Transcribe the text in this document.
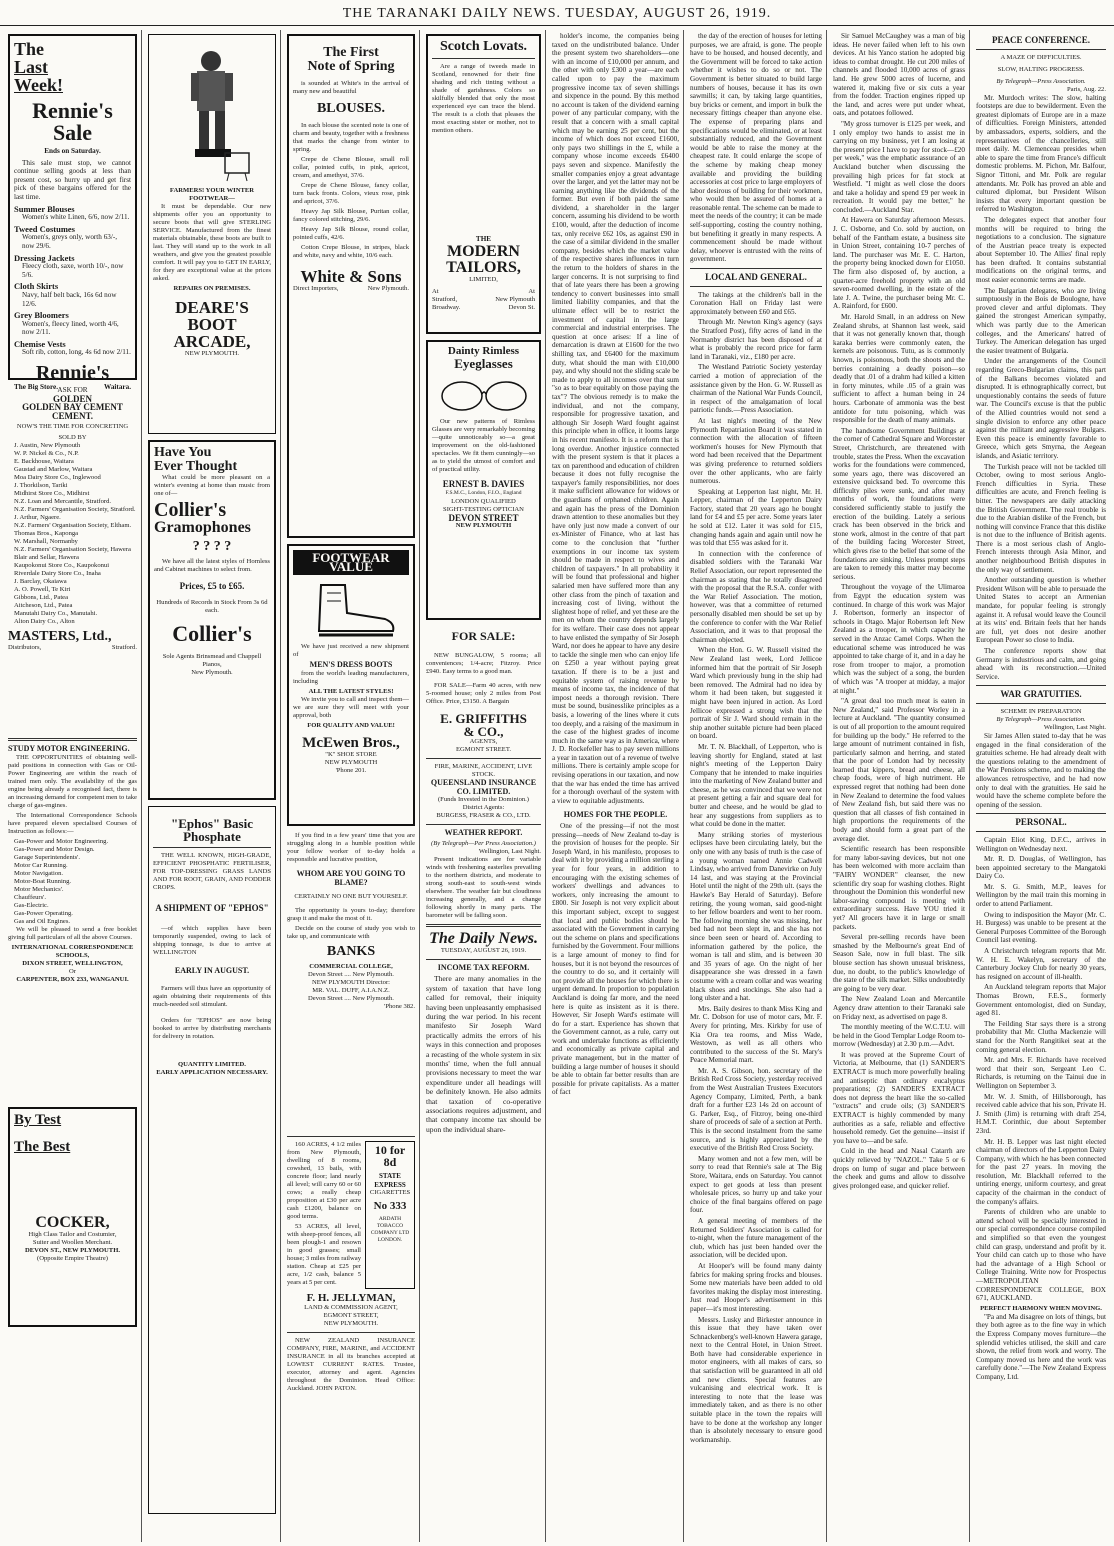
THE TARANAKI DAILY NEWS. TUESDAY, AUGUST 26, 1919.
The
Last
Week!
Rennie's
Sale
Ends on Saturday.

This sale must stop, we cannot continue selling goods at less than present cost, so hurry up and get first pick of these bargains offered for the last time.

Summer Blouses
Women's white Linen, 6/6, now 2/11.
Tweed Costumes
Women's, greys only, worth 63/-, now 29/6.
Dressing Jackets
Fleecy cloth, saxe, worth 10/-, now 5/6.
Cloth Skirts
Navy, half belt back, 16s 6d now 12/6.
Grey Bloomers
Women's, fleecy lined, worth 4/6, now 2/11.
Chemise Vests
Soft rib, cotton, long, 4s 6d now 2/11.
Rennie's
The Big Store.	Waitara.
ASK FOR
GOLDEN
GOLDEN BAY CEMENT
CEMENT.
NOW'S THE TIME FOR CONCRETING
SOLD BY
J. Austin, New Plymouth
W. P. Nickel & Co., N.P.
E. Backhouse, Waitara
Gaustad and Marlow, Waitara
Moa Dairy Store Co., Inglewood
J. Thorkilson, Tariki
Midhirst Store Co., Midhirst
N.Z. Loan and Mercantile, Stratford.
N.Z. Farmers' Organisation Society, Stratford.
J. Arthur, Ngaere.
N.Z. Farmers' Organisation Society, Eltham.
Thomas Bros., Kaponga
W. Marshall, Normanby
N.Z. Farmers' Organisation Society, Hawera
Blair and Sellar, Hawera
Kaupokonui Store Co., Kaupokonui
Riverdale Dairy Store Co., Inaha
J. Barclay, Okaiawa
A. O. Powell, Te Kiri
Gibbons, Ltd., Patea
Aitcheson, Ltd., Patea
Manutahi Dairy Co., Manutahi.
Alton Dairy Co., Alton
MASTERS, Ltd.,
Distributors,	Stratford.
STUDY MOTOR ENGINEERING.

THE OPPORTUNITIES of obtaining well-paid positions in connection with Gas or Oil-Power Engineering are within the reach of trained men only. The availability of the gas engine being already a recognised fact, there is an increasing demand for competent men to take charge of gas-engines.

The International Correspondence Schools have prepared eleven specialised Courses of Instruction as follows:—

Gas-Power and Motor Engineering.
Gas-Power and Motor Design.
Garage Superintendents'.
Motor Car Running.
Motor Navigation.
Motor-Boat Running.
Motor Mechanics'.
Chauffeurs'.
Gas-Electric.
Gas-Power Operating.
Gas and Oil Engines.

We will be pleased to send a free booklet giving full particulars of all the above Courses.

INTERNATIONAL CORRESPONDENCE SCHOOLS,
DIXON STREET, WELLINGTON,
Or
CARPENTER, BOX 233, WANGANUI.
By Test
The Best
COCKER,
High Class Tailor and Costumier,
Suiter and Woollen Merchant.
DEVON ST., NEW PLYMOUTH.
(Opposite Empire Theatre)
FARMERS! YOUR WINTER FOOTWEAR—

It must be dependable. Our new shipments offer you an opportunity to secure boots that will give STERLING SERVICE. Manufactured from the finest materials obtainable, these boots are built to last. They will stand up to the work in all weathers, and give you the greatest possible comfort. It will pay you to GET IN EARLY, for they are exceptional value at the prices asked.

REPAIRS ON PREMISES.
DEARE'S
BOOT
ARCADE,
NEW PLYMOUTH.
Have You
Ever Thought

What could be more pleasant on a winter's evening at home than music from one of—

Collier's
Gramophones
? ? ? ?

We have all the latest styles of Hornless and Cabinet machines to select from.

Prices, £5 to £65.
Hundreds of Records in Stock From 3s 6d each.
Collier's
Sole Agents Brinsmead and Chappell Pianos,
New Plymouth.
"Ephos" Basic
Phosphate

THE WELL KNOWN, HIGH-GRADE, EFFICIENT PHOSPHATIC FERTILISER, FOR TOP-DRESSING GRASS LANDS AND FOR ROOT, GRAIN, AND FODDER CROPS.

A SHIPMENT OF "EPHOS"

—of which supplies have been temporarily suspended, owing to lack of shipping tonnage, is due to arrive at WELLINGTON

EARLY IN AUGUST.

Farmers will thus have an opportunity of again obtaining their requirements of this much-needed soil stimulant.

Orders for "EPHOS" are now being booked to arrive by distributing merchants for delivery in rotation.

QUANTITY LIMITED.
EARLY APPLICATION NECESSARY.
The First
Note of Spring

is sounded at White's in the arrival of many new and beautiful

BLOUSES.

In each blouse the scented note is one of charm and beauty, together with a freshness that marks the change from winter to spring.

Crepe de Chene Blouse, small roll collar, pointed cuffs, in pink, apricot, cream, and amethyst, 37/6.

Crepe de Chene Blouse, fancy collar, turn back fronts. Colors, vieux rose, pink and apricot, 37/6.

Heavy Jap Silk Blouse, Puritan collar, fancy colored stitching, 29/6.

Heavy Jap Silk Blouse, round collar, pointed cuffs, 42/6.

Cotton Crepe Blouse, in stripes, black and white, navy and white, 10/6 each.

White & Sons
Direct Importers,	New Plymouth.
FOOTWEAR VALUE

We have just received a new shipment of

MEN'S DRESS BOOTS

from the world's leading manufacturers, including

ALL THE LATEST STYLES!

We invite you to call and inspect them—we are sure they will meet with your approval, both

FOR QUALITY AND VALUE!
McEwen Bros.,
"K" SHOE STORE
NEW PLYMOUTH
'Phone 201.

If you find in a few years' time that you are struggling along in a humble position while your fellow worker of to-day holds a responsible and lucrative position,

WHOM ARE YOU GOING TO BLAME?
CERTAINLY NO ONE BUT YOURSELF.

The opportunity is yours to-day; therefore grasp it and make the most of it.

Decide on the course of study you wish to take up, and communicate with

BANKS
COMMERCIAL COLLEGE,
Devon Street .... New Plymouth.
NEW PLYMOUTH Director:
MR. VAL. DUFF, A.I.A.N.Z.
Devon Street .... New Plymouth.
'Phone 382.

160 ACRES, 4 1/2 miles from New Plymouth, dwelling of 8 rooms, cowshed, 13 bails, with concrete floor; land nearly all level; will carry 60 or 60 cows; a really cheap proposition at £30 per acre cash £1200, balance on good terms.

53 ACRES, all level, with sheep-proof fences, all been plough-1 and resown in good grasses; small house; 3 miles from railway station. Cheap at £25 per acre, 1/2 cash, balance 5 years at 5 per cent.

10 for 8d
STATE EXPRESS
CIGARETTES
No 333
ARDATH TOBACCO COMPANY LTD LONDON.
F. H. JELLYMAN,
LAND & COMMISSION AGENT,
EGMONT STREET,
NEW PLYMOUTH.

NEW ZEALAND INSURANCE COMPANY, FIRE, MARINE, and ACCIDENT INSURANCE in all its branches accepted at LOWEST CURRENT RATES. Trustee, executor, attorney and agent. Agencies throughout the Dominion. Head Office: Auckland. JOHN PATON.

Scotch Lovats.

Are a range of tweeds made in Scotland, renowned for their fine shading and rich tinting without a shade of garishness. Colors so skilfully blended that only the most experienced eye can trace the blend. The result is a cloth that pleases the most exacting sister or mother, not to mention others.

THE
MODERN
TAILORS,
LIMITED,
At	At
Stratford,	New Plymouth
Broadway.	Devon St.
Dainty Rimless
Eyeglasses

Our new patterns of Rimless Glasses are very remarkably becoming—quite unnoticeably so—a great improvement on the old-fashioned spectacles. We fit them cunningly—so as to yield the utmost of comfort and of practical utility.

ERNEST B. DAVIES
F.S.M.C., London, F.I.O., England
LONDON QUALIFIED
SIGHT-TESTING OPTICIAN
DEVON STREET
NEW PLYMOUTH
FOR SALE:

NEW BUNGALOW, 5 rooms; all conveniences; 1/4-acre; Fitzroy. Price £940. Easy terms to a good man.

FOR SALE—Farm 40 acres, with new 5-roomed house; only 2 miles from Post Office. Price, £3150. A Bargain

E. GRIFFITHS
& CO.,
AGENTS,
EGMONT STREET.
FIRE, MARINE, ACCIDENT, LIVE STOCK.
QUEENSLAND INSURANCE CO. LIMITED.
(Funds Invested in the Dominion.)
District Agents:
BURGESS, FRASER & CO., LTD.
WEATHER REPORT.
(By Telegraph—Per Press Association.)
Wellington, Last Night.

Present indications are for variable winds with freshening easterlies prevailing to the northern districts, and moderate to strong south-east to south-west winds elsewhere. The weather fair but cloudiness increasing generally, and a change following shortly in many parts. The barometer will be falling soon.

The Daily News.
TUESDAY, AUGUST 26, 1919.
INCOME TAX REFORM.

There are many anomalies in the system of taxation that have long called for removal, their iniquity having been unpleasantly emphasised during the war period. In his recent manifesto Sir Joseph Ward practically admits the errors of his ways in this connection and proposes a recasting of the whole system in six months' time, when the full annual provisions necessary to meet the war expenditure under all headings will be definitely known. He also admits that taxation of co-operative associations requires adjustment, and that company income tax should be upon the individual share-

holder's income, the companies being taxed on the undistributed balance. Under the present system two shareholders—one with an income of £10,000 per annum, and the other with only £300 a year—are each called upon to pay the maximum progressive income tax of seven shillings and sixpence in the pound. By this method no account is taken of the dividend earning power of any particular company, with the result that a concern with a small capital which may be earning 25 per cent, but the income of which does not exceed £1600, only pays two shillings in the £, while a company whose income exceeds £6400 pays seven and sixpence. Manifestly the smaller companies enjoy a great advantage over the larger, and yet the latter may not be earning anything like the dividends of the former. But even if both paid the same dividend, a shareholder in the larger concern, assuming his dividend to be worth £100, would, after the deduction of income tax, only receive £62 10s, as against £90 in the case of a similar dividend in the smaller company, besides which the market value of the respective shares influences in turn the return to the holders of shares in the larger concerns. It is not surprising to find that of late years there has been a growing tendency to convert businesses into small limited liability companies, and that the ultimate effect will be to restrict the investment of capital in the large commercial and industrial enterprises. The question at once arises: If a line of demarcation is drawn at £1600 for the two shilling tax, and £6400 for the maximum duty, what should the man with £10,000 pay, and why should not the sliding scale be made to apply to all incomes over that sum "so as to bear equitably on those paying the tax"? The obvious remedy is to make the individual, and not the company, responsible for progressive taxation, and although Sir Joseph Ward fought against this principle when in office, it looms large in his recent manifesto. It is a reform that is long overdue. Another injustice connected with the present system is that it places a tax on parenthood and education of children because it does not fully recognise the taxpayer's family responsibilities, nor does it make sufficient allowance for widows or the guardians of orphaned children. Again and again has the press of the Dominion drawn attention to these anomalies but they have only just now made a convert of our ex-Minister of Finance, who at last has come to the conclusion that "further exemptions in our income tax system should be made in respect to wives and children of taxpayers." In all probability it will be found that professional and higher salaried men have suffered more than any other class from the pinch of taxation and increasing cost of living, without the slightest hope of relief, and yet these are the men on whom the country depends largely for its welfare. Their case does not appear to have enlisted the sympathy of Sir Joseph Ward, nor does he appear to have any desire to tackle the single men who can enjoy life on £250 a year without paying great taxation. If there is to be a just and equitable system of raising revenue by means of income tax, the incidence of that impost needs a thorough revision. There must be sound, businesslike principles as a basis, a lowering of the lines where it cuts too deeply, and a raising of the maximum in the case of the highest grades of income much in the same way as in America, where J. D. Rockefeller has to pay seven millions a year in taxation out of a revenue of twelve millions. There is certainly ample scope for revising operations in our taxation, and now that the war has ended the time has arrived for a thorough overhaul of the system with a view to equitable adjustments.

HOMES FOR THE PEOPLE.

One of the pressing—if not the most pressing—needs of New Zealand to-day is the provision of houses for the people. Sir Joseph Ward, in his manifesto, proposes to deal with it by providing a million sterling a year for four years, in addition to encouraging with the existing schemes of workers' dwellings and advances to workers, only increasing the amount to £800. Sir Joseph is not very explicit about this important subject, except to suggest that local and public bodies should be associated with the Government in carrying out the scheme on plans and specifications furnished by the Government. Four millions is a large amount of money to find for houses, but it is not beyond the resources of the country to do so, and it certainly will not provide all the houses for which there is urgent demand. In proportion to population Auckland is doing far more, and the need here is quite as insistent as it is there. However, Sir Joseph Ward's estimate will do for a start. Experience has shown that the Government cannot, as a rule, carry out work and undertake functions as efficiently and economically as private capital and private management, but in the matter of building a large number of houses it should be able to obtain far better results than are possible for private capitalists. As a matter of fact

the day of the erection of houses for letting purposes, we are afraid, is gone. The people have to be housed, and housed decently, and the Government will be forced to take action whether it wishes to do so or not. The Government is better situated to build large numbers of houses, because it has its own sawmills; it can, by taking large quantities, buy bricks or cement, and import in bulk the necessary fittings cheaper than anyone else. The expense of preparing plans and specifications would be eliminated, or at least substantially reduced, and the Government would be able to raise the money at the cheapest rate. It could enlarge the scope of the scheme by making cheap money available and providing the building accessories at cost price to large employers of labor desirous of building for their workmen, who would then be assured of homes at a reasonable rental. The scheme can be made to meet the needs of the country; it can be made self-supporting, costing the country nothing, but benefiting it greatly in many respects. A commencement should be made without delay, whoever is entrusted with the reins of government.

LOCAL AND GENERAL.

The takings at the children's ball in the Coronation Hall on Friday last were approximately between £60 and £65.

Through Mr. Newton King's agency (says the Stratford Post), fifty acres of land in the Normanby district has been disposed of at what is probably the record price for farm land in Taranaki, viz., £180 per acre.

The Westland Patriotic Society yesterday carried a motion of appreciation of the assistance given by the Hon. G. W. Russell as chairman of the National War Funds Council, in respect of the amalgamation of local patriotic funds.—Press Association.

At last night's meeting of the New Plymouth Repatriation Board it was stated in connection with the allocation of fifteen workmen's houses for New Plymouth that word had been received that the Department was giving preference to returned soldiers over the other applicants, who are fairly numerous.

Speaking at Lepperton last night, Mr. H. Lepper, chairman of the Lepperton Dairy Factory, stated that 20 years ago he bought land for £4 and £5 per acre. Some years later he sold at £12. Later it was sold for £15, changing hands again and again until now he was told that £55 was asked for it.

In connection with the conference of disabled soldiers with the Taranaki War Relief Association, our report represented the chairman as stating that he totally disagreed with the proposal that the R.S.A. confer with the War Relief Association. The motion, however, was that a committee of returned personally disabled men should be set up by the conference to confer with the War Relief Association, and it was to that proposal the chairman objected.

When the Hon. G. W. Russell visited the New Zealand last week, Lord Jellicoe informed him that the portrait of Sir Joseph Ward which previously hung in the ship had been removed. The Admiral had no idea by whom it had been taken, but suggested it might have been injured in action. As Lord Jellicoe expressed a strong wish that the portrait of Sir J. Ward should remain in the ship another suitable picture had been placed on board.

Mr. T. N. Blackhall, of Lepperton, who is leaving shortly for England, stated at last night's meeting of the Lepperton Dairy Company that he intended to make inquiries into the marketing of New Zealand butter and cheese, as he was convinced that we were not at present getting a fair and square deal for butter and cheese, and he would be glad to hear any suggestions from suppliers as to what could be done in the matter.

Many striking stories of mysterious eclipses have been circulating lately, but the only one with any basis of truth is the case of a young woman named Annie Cadwell Lindsay, who arrived from Danevirke on July 14 last, and was staying at the Provincial Hotel until the night of the 29th ult. (says the Hawke's Bay Herald of Saturday). Before retiring, the young woman, said good-night to her fellow boarders and went to her room. The following morning she was missing, her bed had not been slept in, and she has not since been seen or heard of. According to information gathered by the police, the woman is tall and slim, and is between 30 and 35 years of age. On the night of her disappearance she was dressed in a fawn costume with a cream collar and was wearing black shoes and stockings. She also had a long ulster and a hat.

Mrs. Baily desires to thank Miss King and Mr. C. Dobson for use of motor cars, Mr. F. Avery for printing, Mrs. Kirkby for use of Kia Ora tea rooms, and Miss Wade, Westown, as well as all others who contributed to the success of the St. Mary's Peace Memorial mart.

Mr. A. S. Gibson, hon. secretary of the British Red Cross Society, yesterday received from the West Australian Trustees Executors Agency Company, Limited, Perth, a bank draft for a further £23 14s 2d on account of G. Parker, Esq., of Fitzroy, being one-third share of proceeds of sale of a section at Perth. This is the second instalment from the same source, and is highly appreciated by the executive of the British Red Cross Society.

Many women and not a few men, will be sorry to read that Rennie's sale at The Big Store, Waitara, ends on Saturday. You cannot expect to get goods at less than present wholesale prices, so hurry up and take your choice of the final bargains offered on page four.

A general meeting of members of the Returned Soldiers' Association is called for to-night, when the future management of the club, which has just been handed over the association, will be decided upon.

At Hooper's will be found many dainty fabrics for making spring frocks and blouses. Some new materials have been added to old favorites making the display most interesting. Just read Hooper's advertisement in this paper—it's most interesting.

Messrs. Lusky and Birkester announce in this issue that they have taken over Schnackenberg's well-known Hawera garage, next to the Central Hotel, in Union Street. Both have had considerable experience in motor engineers, with all makes of cars, so that satisfaction will be guaranteed in all old and new clients. Special features are vulcanising and electrical work. It is interesting to note that the lease was immediately taken, and as there is no other suitable place in the town the repairs will have to be done at the workshop any longer than is absolutely necessary to ensure good workmanship.

Sir Samuel McCaughey was a man of big ideas. He never failed when left to his own devices. At his Yanco station he adopted big ideas to combat drought. He cut 200 miles of channels and flooded 10,000 acres of grass land. He grew 5000 acres of lucerne, and watered it, making five or six cuts a year from the fodder. Traction engines ripped up the land, and acres were put under wheat, oats, and potatoes followed.

"My gross turnover is £125 per week, and I only employ two hands to assist me in carrying on my business, yet I am losing at the present price I have to pay for stock—£20 per week," was the emphatic assurance of an Auckland butcher when discussing the prevailing high prices for fat stock at Westfield. "I might as well close the doors and take a holiday and spend £9 per week in recreation. It would pay me better," he concluded.—Auckland Star.

At Hawera on Saturday afternoon Messrs. J. C. Osborne, and Co. sold by auction, on behalf of the Fantham estate, a business site in Union Street, containing 10-7 perches of land. The purchaser was Mr. E. C. Harton, the property being knocked down for £1050. The firm also disposed of, by auction, a quarter-acre freehold property with an old seven-roomed dwelling, in the estate of the late J. A. Twine, the purchaser being Mr. C. A. Rainford, for £600.

Mr. Harold Small, in an address on New Zealand shrubs, at Shannon last week, said that it was not generally known that, though karaka berries were commonly eaten, the kernels are poisonous. Tutu, as is commonly known, is poisonous, both the shoots and the berries containing a deadly poison—so deadly that .01 of a drahm had killed a kitten in forty minutes, while .05 of a grain was sufficient to affect a human being in 24 hours. Carbonate of ammonia was the best antidote for tutu poisoning, which was responsible for the death of many animals.

The handsome Government Buildings at the corner of Cathedral Square and Worcester Street, Christchurch, are threatened with trouble, states the Press. When the excavation works for the foundations were commenced, some years ago, there was discovered an extensive quicksand bed. To overcome this difficulty piles were sunk, and after many months of work, the foundations were considered sufficiently stable to justify the erection of the building. Lately a serious crack has been observed in the brick and stone work, almost in the centre of that part of the building facing Worcester Street, which gives rise to the belief that some of the foundations are sinking. Unless prompt steps are taken to remedy this matter may become serious.

Throughout the voyage of the Ulimaroa from Egypt the education system was continued. In charge of this work was Major J. Robertson, formerly an inspector of schools in Otago. Major Robertson left New Zealand as a trooper, in which capacity he served in the Anzac Camel Corps. When the educational scheme was introduced he was appointed to take charge of it, and in a day he rose from trooper to major, a promotion which was the subject of a song, the burden of which was "A trooper at midday, a major at night."

"A great deal too much meat is eaten in New Zealand," said Professor Worley in a lecture at Auckland. "The quantity consumed is out of all proportion to the amount required for building up the body." He referred to the large amount of nutriment contained in fish, particularly salmon and herring, and stated that the poor of London had by necessity learned that kippers, bread and cheese, all cheap foods, were of high nutriment. He expressed regret that nothing had been done in New Zealand to determine the food values of New Zealand fish, but said there was no question that all classes of fish contained in high proportions the requirements of the body and should form a great part of the average diet.

Scientific research has been responsible for many labor-saving devices, but not one has been welcomed with more acclaim than "FAIRY WONDER" cleanser, the new scientific dry soap for washing clothes. Right throughout the Dominion this wonderful new labor-saving compound is meeting with extraordinary success. Have YOU tried it yet? All grocers have it in large or small packets.

Several pre-selling records have been smashed by the Melbourne's great End of Season Sale, now in full blast. The silk blouse section has shown unusual briskness, due, no doubt, to the public's knowledge of the state of the silk market. Silks undoubtedly are going to be very dear.

The New Zealand Loan and Mercantile Agency draw attention to their Taranaki sale on Friday next, as advertised on page 8.

The monthly meeting of the W.C.T.U. will be held in the Good Templar Lodge Room to-morrow (Wednesday) at 2.30 p.m.—Advt.

It was proved at the Supreme Court of Victoria, at Melbourne, that (1) SANDER'S EXTRACT is much more powerfully healing and antiseptic than ordinary eucalyptus preparations; (2) SANDER'S EXTRACT does not depress the heart like the so-called "extracts" and crude oils; (3) SANDER'S EXTRACT is highly commended by many authorities as a safe, reliable and effective household remedy. Get the genuine—insist if you have to—and be safe.

Cold in the head and Nasal Catarrh are quickly relieved by "NAZOL." Take 5 or 6 drops on lump of sugar and place between the cheek and gums and allow to dissolve gives prolonged ease, and quicker relief.

PEACE CONFERENCE.
A MAZE OF DIFFICULTIES.
SLOW, HALTING PROGRESS.
By Telegraph—Press Association.
Paris, Aug. 22.

Mr. Murdoch writes: The slow, halting footsteps are due to bewilderment. Even the greatest diplomats of Europe are in a maze of difficulties. Foreign Ministers, attended by ambassadors, experts, soldiers, and the representatives of the chancelleries, still meet daily. M. Clemenceau presides when able to spare the time from France's difficult domestic problems. M. Pichon, Mr. Balfour, Signor Tittoni, and Mr. Polk are regular attendants. Mr. Polk has proved an able and cultured diplomat, but President Wilson insists that every important question be referred to Washington.

The delegates expect that another four months will be required to bring the negotiations to a conclusion. The signature of the Austrian peace treaty is expected about September 10. The Allies' final reply has been drafted. It contains substantial modifications on the original terms, and most easier economic terms are made.

The Bulgarian delegates, who are living sumptuously in the Bois de Boulogne, have proved clever and artful diplomats. They gained the strongest American sympathy, which was partly due to the American colleges, and the Americans' hatred of Turkey. The American delegation has urged the easier treatment of Bulgaria.

Under the arrangements of the Council regarding Greco-Bulgarian claims, this part of the Balkans becomes violated and disrupted. It is ethnographically correct, but unquestionably contains the seeds of future war. The Council's excuse is that the public of the Allied countries would not send a single division to enforce any other peace against the militant and aggressive Bulgars. Even this peace is eminently favorable to Greece, which gets Smyrna, the Aegean islands, and Asiatic territory.

The Turkish peace will not be tackled till October, owing to most serious Anglo-French difficulties in Syria. These difficulties are acute, and French feeling is bitter. The newspapers are daily attacking the British Government. The real trouble is due to the Arabian dislike of the French, but nothing will convince France that this dislike is not due to the influence of British agents. There is a most serious clash of Anglo-French interests through Asia Minor, and another neighbourhood British disputes in the only way of settlement.

Another outstanding question is whether President Wilson will be able to persuade the United States to accept an Armenian mandate, for popular feeling is strongly against it. A refusal would leave the Council at its wits' end. Britain feels that her hands are full, yet does not desire another European Power so close to India.

The conference reports show that Germany is industrious and calm, and going ahead with its reconstruction.—United Service.

WAR GRATUITIES.
SCHEME IN PREPARATION
By Telegraph—Press Association.
Wellington, Last Night.

Sir James Allen stated to-day that he was engaged in the final consideration of the gratuities scheme. He had already dealt with the questions relating to the amendment of the War Pensions scheme, and to making the allowances retrospective, and he had now only to deal with the gratuities. He said he would have the scheme complete before the opening of the session.

PERSONAL.

Captain Eliot King, D.F.C., arrives in Wellington on Wednesday next.

Mr. R. D. Douglas, of Wellington, has been appointed secretary to the Mangatoki Dairy Co.

Mr. S. G. Smith, M.P., leaves for Wellington by the mail train this morning in order to attend Parliament.

Owing to indisposition the Mayor (Mr. C. H. Burgess) was unable to be present at the General Purposes Committee of the Borough Council last evening.

A Christchurch telegram reports that Mr. W. H. E. Wakelyn, secretary of the Canterbury Jockey Club for nearly 30 years, has resigned on account of ill-health.

An Auckland telegram reports that Major Thomas Brown, F.E.S., formerly Government entomologist, died on Sunday, aged 81.

The Feilding Star says there is a strong probability that Mr. Clutha Mackenzie will stand for the North Rangitikei seat at the coming general election.

Mr. and Mrs. F. Richards have received word that their son, Sergeant Leo C. Richards, is returning on the Tainui due in Wellington on September 3.

Mr. W. J. Smith, of Hillsborough, has received cable advice that his son, Private H. J. Smith (Jim) is returning with draft 254, H.M.T. Corinthic, due about September 23rd.

Mr. H. B. Lepper was last night elected chairman of directors of the Lepperton Dairy Company, with which he has been connected for the past 27 years. In moving the resolution, Mr. Blackhall referred to the untiring energy, uniform courtesy, and great capacity of the chairman in the conduct of the company's affairs.

Parents of children who are unable to attend school will be specially interested in our special correspondence course compiled and simplified so that even the youngest child can grasp, understand and profit by it. Your child can catch up to those who have had the advantage of a High School or College Training. Write now for Prospectus—METROPOLITAN CORRESPONDENCE COLLEGE, BOX 671, AUCKLAND.

PERFECT HARMONY WHEN MOVING.

"Pa and Ma disagree on lots of things, but they both agree as to the fine way in which the Express Company moves furniture—the splendid vehicles utilised, the skill and care shown, the relief from work and worry. The Company moved us here and the work was carefully done."—The New Zealand Express Company, Ltd.
